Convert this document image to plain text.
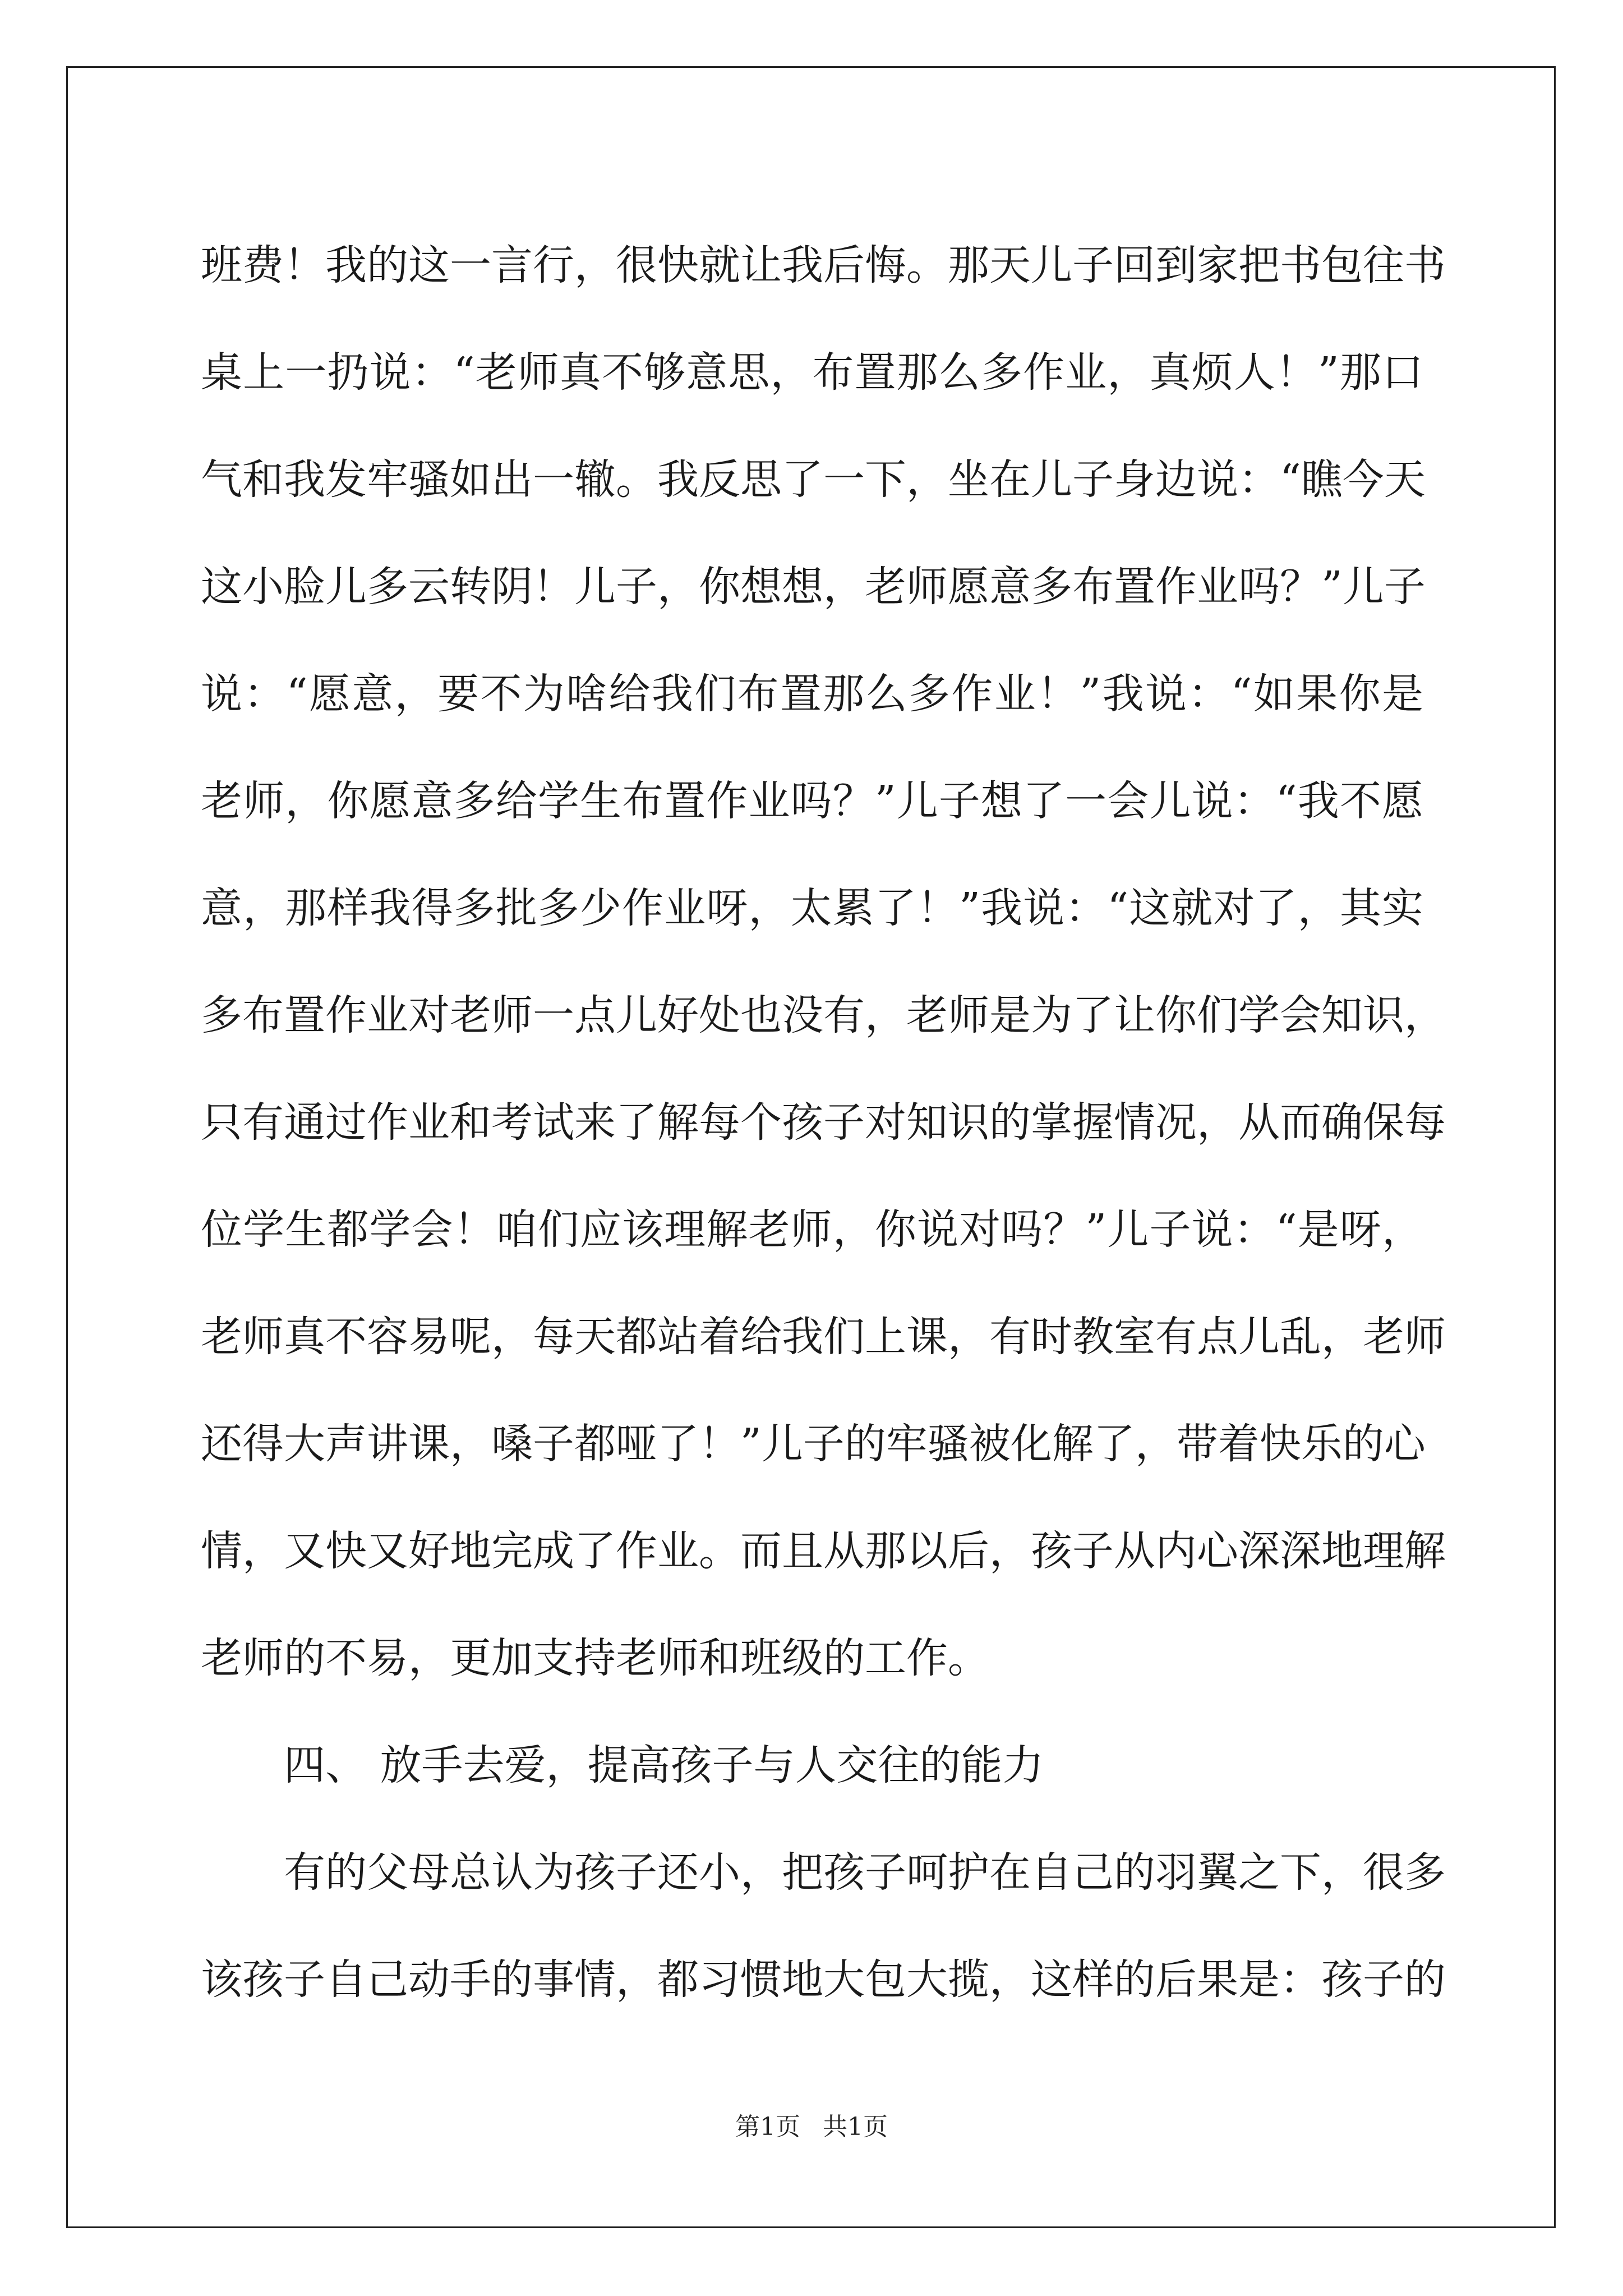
班费！我的这一言行，很快就让我后悔。那天儿子回到家把书包往书
桌上一扔说：“老师真不够意思，布置那么多作业，真烦人！”那口
气和我发牢骚如出一辙。我反思了一下，坐在儿子身边说：“瞧今天
这小脸儿多云转阴！儿子，你想想，老师愿意多布置作业吗？”儿子
说：“愿意，要不为啥给我们布置那么多作业！”我说：“如果你是
老师，你愿意多给学生布置作业吗？”儿子想了一会儿说：“我不愿
意，那样我得多批多少作业呀，太累了！”我说：“这就对了，其实
多布置作业对老师一点儿好处也没有，老师是为了让你们学会知识，
只有通过作业和考试来了解每个孩子对知识的掌握情况，从而确保每
位学生都学会！咱们应该理解老师，你说对吗？”儿子说：“是呀，
老师真不容易呢，每天都站着给我们上课，有时教室有点儿乱，老师
还得大声讲课，嗓子都哑了！”儿子的牢骚被化解了，带着快乐的心
情，又快又好地完成了作业。而且从那以后，孩子从内心深深地理解
老师的不易，更加支持老师和班级的工作。
四、 放手去爱，提高孩子与人交往的能力
有的父母总认为孩子还小，把孩子呵护在自己的羽翼之下，很多
该孩子自己动手的事情，都习惯地大包大揽，这样的后果是：孩子的
第1页 共1页
